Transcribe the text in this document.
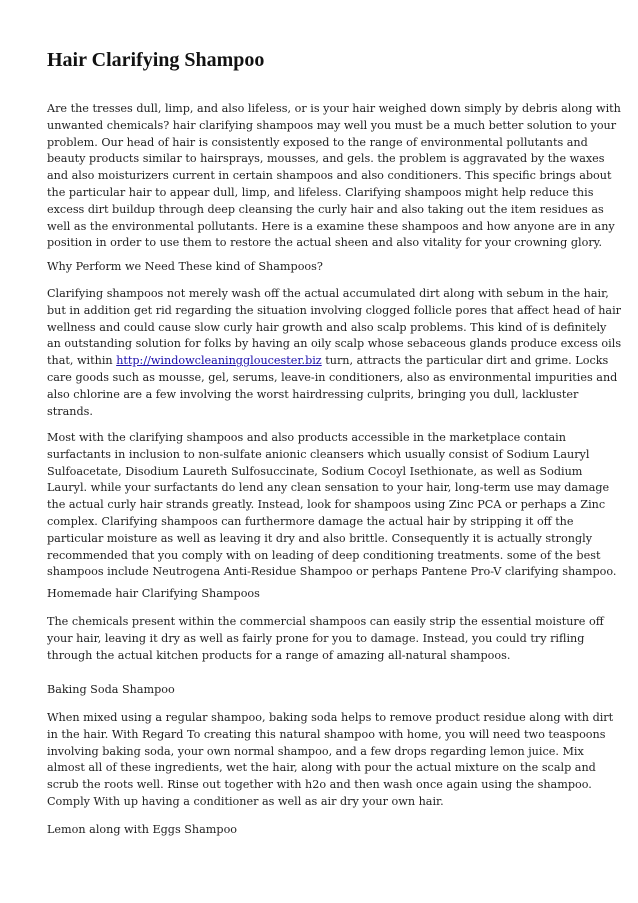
Hair Clarifying Shampoo
Are the tresses dull, limp, and also lifeless, or is your hair weighed down simply by debris along with
unwanted chemicals? hair clarifying shampoos may well you must be a much better solution to your
problem. Our head of hair is consistently exposed to the range of environmental pollutants and
beauty products similar to hairsprays, mousses, and gels. the problem is aggravated by the waxes
and also moisturizers current in certain shampoos and also conditioners. This specific brings about
the particular hair to appear dull, limp, and lifeless. Clarifying shampoos might help reduce this
excess dirt buildup through deep cleansing the curly hair and also taking out the item residues as
well as the environmental pollutants. Here is a examine these shampoos and how anyone are in any
position in order to use them to restore the actual sheen and also vitality for your crowning glory.
Why Perform we Need These kind of Shampoos?
Clarifying shampoos not merely wash off the actual accumulated dirt along with sebum in the hair,
but in addition get rid regarding the situation involving clogged follicle pores that affect head of hair
wellness and could cause slow curly hair growth and also scalp problems. This kind of is definitely
an outstanding solution for folks by having an oily scalp whose sebaceous glands produce excess oils
that, within http://windowcleaninggloucester.biz turn, attracts the particular dirt and grime. Locks
care goods such as mousse, gel, serums, leave-in conditioners, also as environmental impurities and
also chlorine are a few involving the worst hairdressing culprits, bringing you dull, lackluster
strands.
Most with the clarifying shampoos and also products accessible in the marketplace contain
surfactants in inclusion to non-sulfate anionic cleansers which usually consist of Sodium Lauryl
Sulfoacetate, Disodium Laureth Sulfosuccinate, Sodium Cocoyl Isethionate, as well as Sodium
Lauryl. while your surfactants do lend any clean sensation to your hair, long-term use may damage
the actual curly hair strands greatly. Instead, look for shampoos using Zinc PCA or perhaps a Zinc
complex. Clarifying shampoos can furthermore damage the actual hair by stripping it off the
particular moisture as well as leaving it dry and also brittle. Consequently it is actually strongly
recommended that you comply with on leading of deep conditioning treatments. some of the best
shampoos include Neutrogena Anti-Residue Shampoo or perhaps Pantene Pro-V clarifying shampoo.
Homemade hair Clarifying Shampoos
The chemicals present within the commercial shampoos can easily strip the essential moisture off
your hair, leaving it dry as well as fairly prone for you to damage. Instead, you could try rifling
through the actual kitchen products for a range of amazing all-natural shampoos.
Baking Soda Shampoo
When mixed using a regular shampoo, baking soda helps to remove product residue along with dirt
in the hair. With Regard To creating this natural shampoo with home, you will need two teaspoons
involving baking soda, your own normal shampoo, and a few drops regarding lemon juice. Mix
almost all of these ingredients, wet the hair, along with pour the actual mixture on the scalp and
scrub the roots well. Rinse out together with h2o and then wash once again using the shampoo.
Comply With up having a conditioner as well as air dry your own hair.
Lemon along with Eggs Shampoo
